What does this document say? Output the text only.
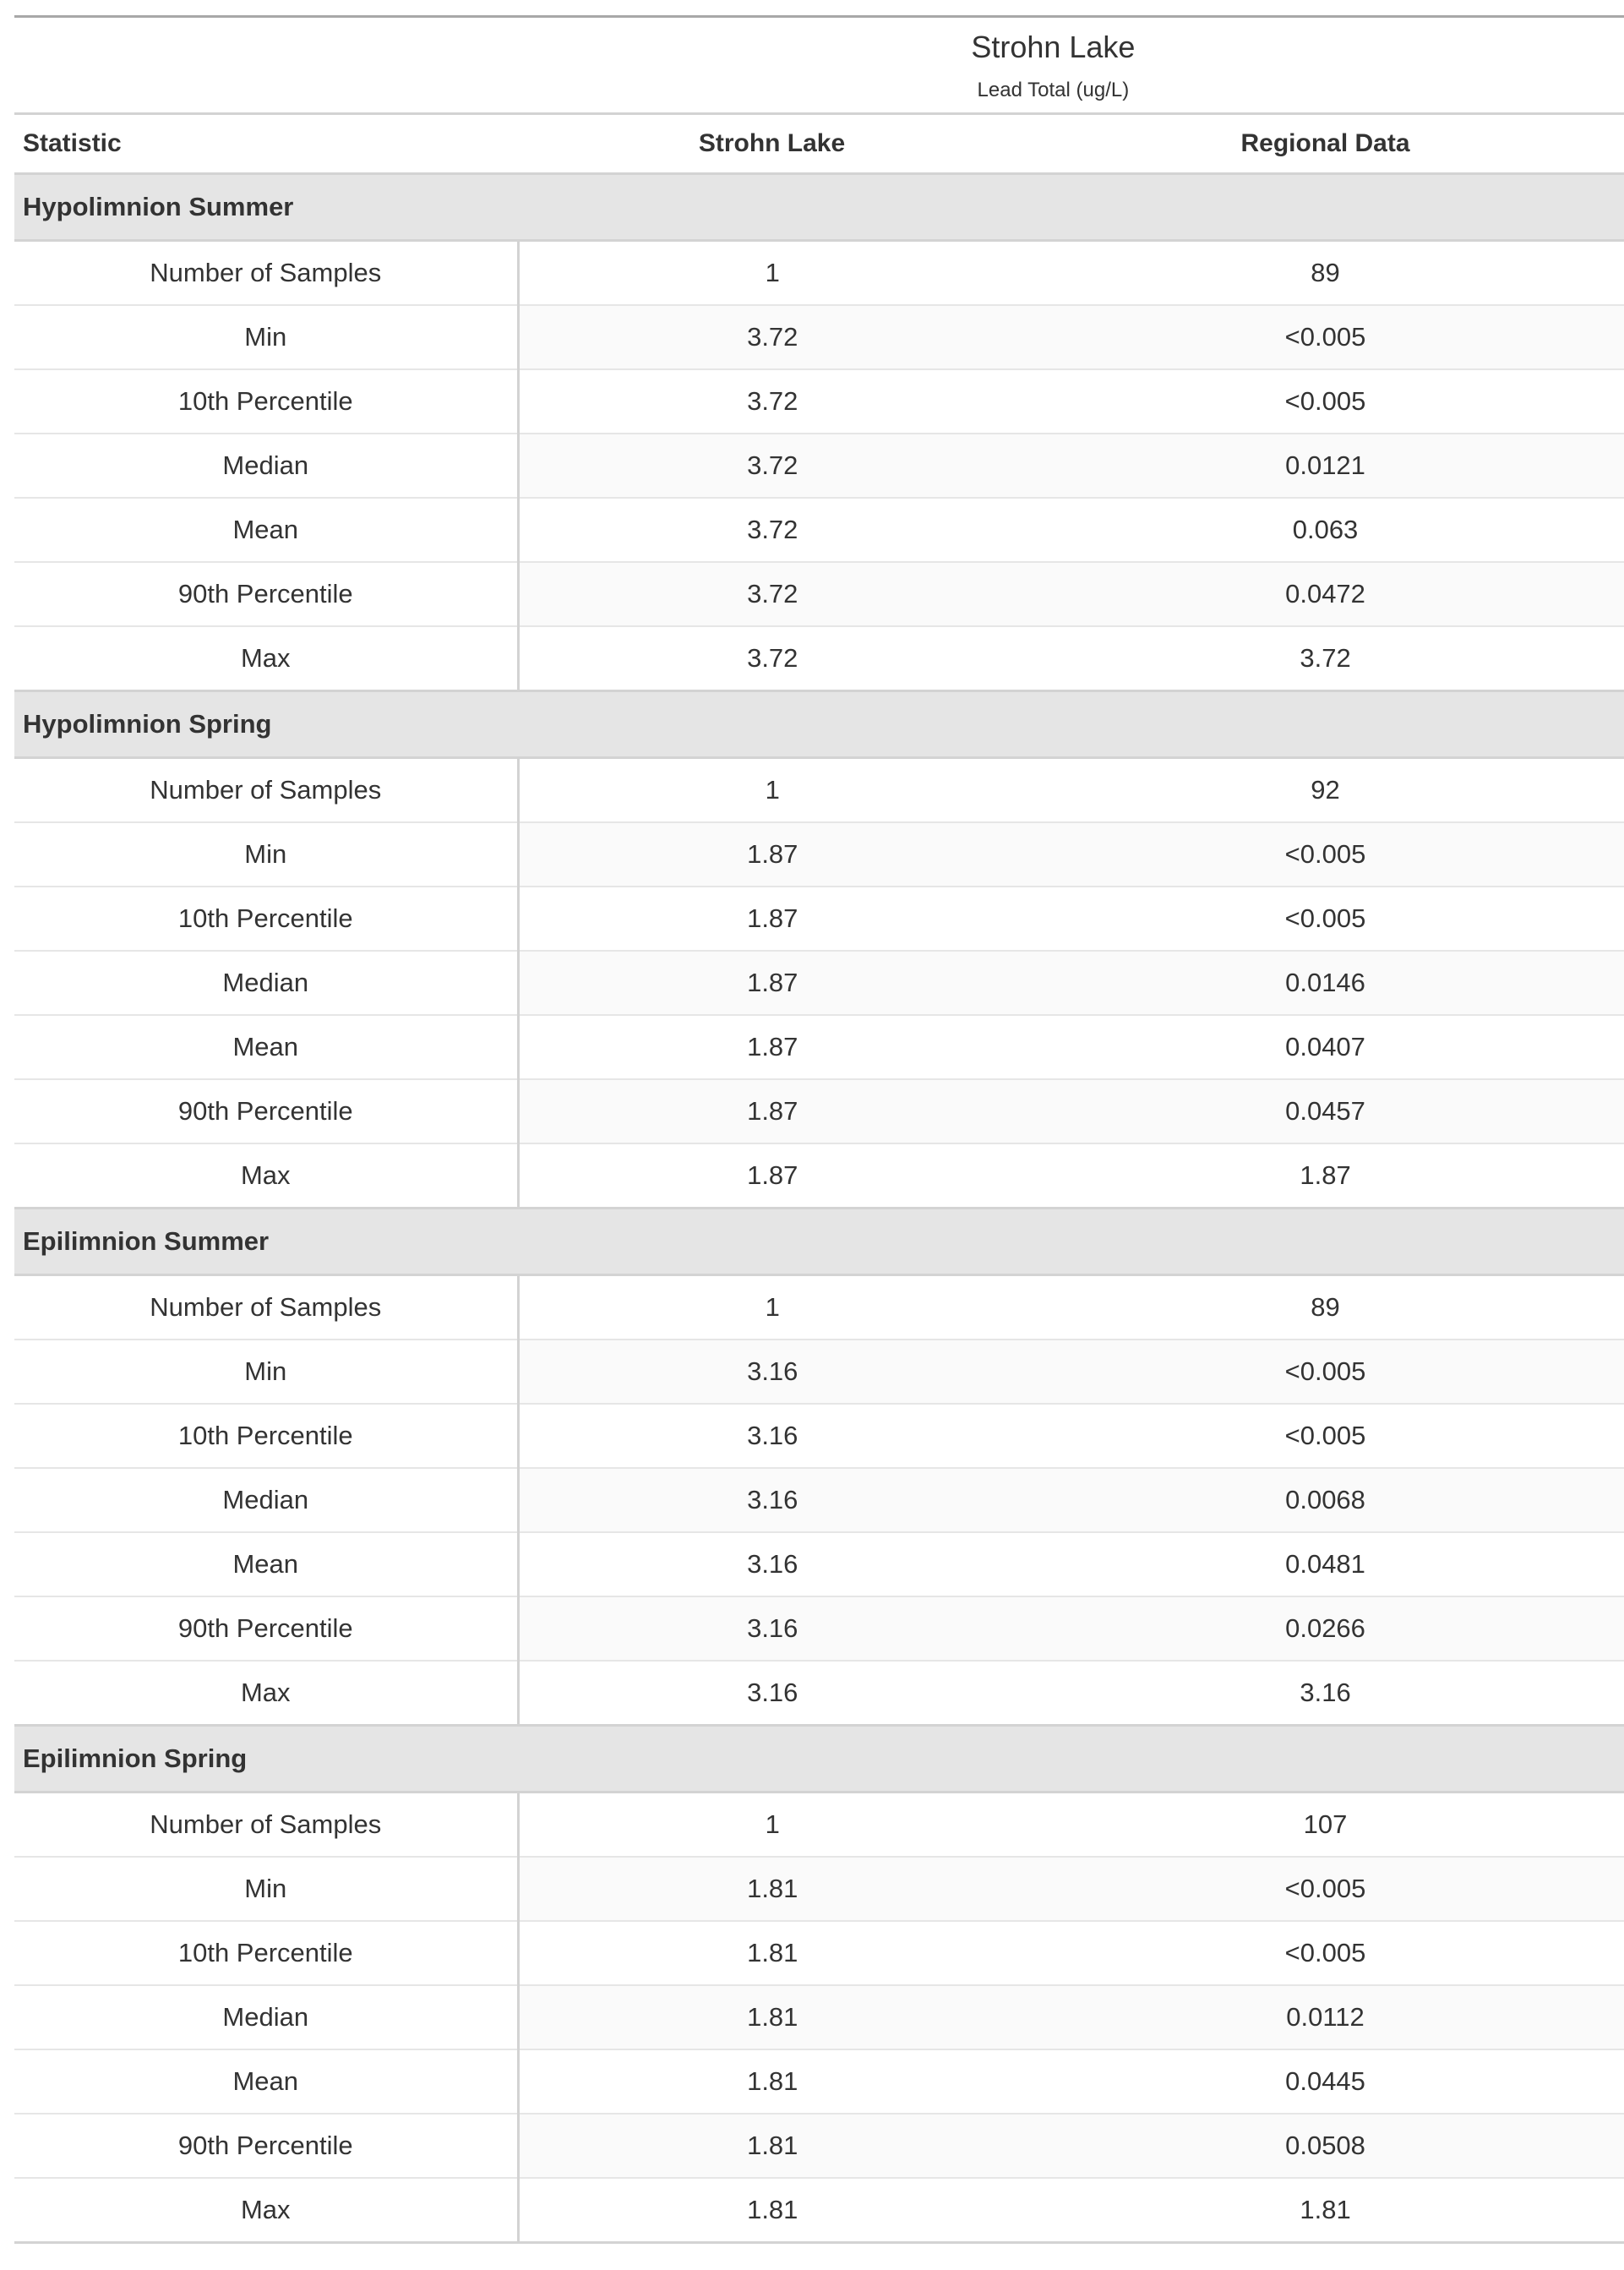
Strohn Lake		
Lead Total (ug/L)		
Statistic	Strohn Lake	Regional Data
Hypolimnion Summer		
Number of Samples	1	89
Min	3.72	<0.005
10th Percentile	3.72	<0.005
Median	3.72	0.0121
Mean	3.72	0.063
90th Percentile	3.72	0.0472
Max	3.72	3.72
Hypolimnion Spring		
Number of Samples	1	92
Min	1.87	<0.005
10th Percentile	1.87	<0.005
Median	1.87	0.0146
Mean	1.87	0.0407
90th Percentile	1.87	0.0457
Max	1.87	1.87
Epilimnion Summer		
Number of Samples	1	89
Min	3.16	<0.005
10th Percentile	3.16	<0.005
Median	3.16	0.0068
Mean	3.16	0.0481
90th Percentile	3.16	0.0266
Max	3.16	3.16
Epilimnion Spring		
Number of Samples	1	107
Min	1.81	<0.005
10th Percentile	1.81	<0.005
Median	1.81	0.0112
Mean	1.81	0.0445
90th Percentile	1.81	0.0508
Max	1.81	1.81
